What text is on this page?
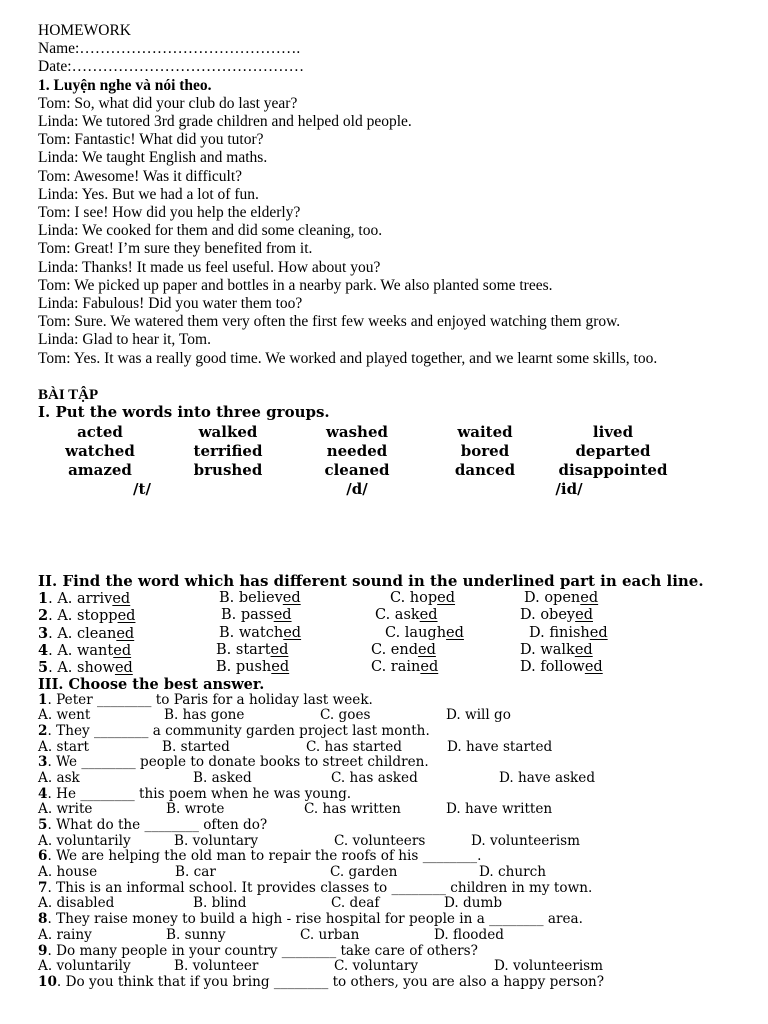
HOMEWORK
Name:…………………………………….
Date:………………………………………
1. Luyện nghe và nói theo.
Tom: So, what did your club do last year?
Linda: We tutored 3rd grade children and helped old people.
Tom: Fantastic! What did you tutor?
Linda: We taught English and maths.
Tom: Awesome! Was it difficult?
Linda: Yes. But we had a lot of fun.
Tom: I see! How did you help the elderly?
Linda: We cooked for them and did some cleaning, too.
Tom: Great! I’m sure they benefited from it.
Linda: Thanks! It made us feel useful. How about you?
Tom: We picked up paper and bottles in a nearby park. We also planted some trees.
Linda: Fabulous! Did you water them too?
Tom: Sure. We watered them very often the first few weeks and enjoyed watching them grow.
Linda: Glad to hear it, Tom.
Tom: Yes. It was a really good time. We worked and played together, and we learnt some skills, too.
BÀI TẬP
I. Put the words into three groups.
acted	walked	washed	waited	lived
watched	terrified	needed	bored	departed
amazed	brushed	cleaned	danced	disappointed
/t/	/d/	/id/
II. Find the word which has different sound in the underlined part in each line.
1. A. arrived	B. believed	C. hoped	D. opened
2. A. stopped	B. passed	C. asked	D. obeyed
3. A. cleaned	B. watched	C. laughed	D. finished
4. A. wanted	B. started	C. ended	D. walked
5. A. showed	B. pushed	C. rained	D. followed
III. Choose the best answer.
1. Peter ________ to Paris for a holiday last week.
A. went	B. has gone	C. goes	D. will go
2. They ________ a community garden project last month.
A. start	B. started	C. has started	D. have started
3. We ________ people to donate books to street children.
A. ask	B. asked	C. has asked	D. have asked
4. He ________ this poem when he was young.
A. write	B. wrote	C. has written	D. have written
5. What do the ________ often do?
A. voluntarily	B. voluntary	C. volunteers	D. volunteerism
6. We are helping the old man to repair the roofs of his ________.
A. house	B. car	C. garden	D. church
7. This is an informal school. It provides classes to ________ children in my town.
A. disabled	B. blind	C. deaf	D. dumb
8. They raise money to build a high - rise hospital for people in a ________ area.
A. rainy	B. sunny	C. urban	D. flooded
9. Do many people in your country ________ take care of others?
A. voluntarily	B. volunteer	C. voluntary	D. volunteerism
10. Do you think that if you bring ________ to others, you are also a happy person?
